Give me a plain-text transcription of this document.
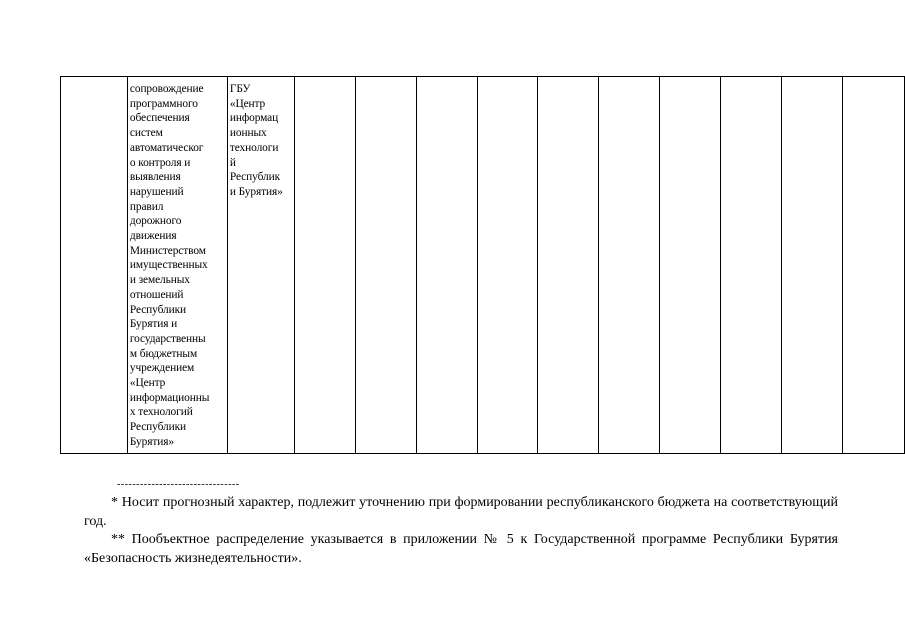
	сопровождение
программного
обеспечения
систем
автоматическог
о контроля и
выявления
нарушений
правил
дорожного
движения
Министерством
имущественных
и земельных
отношений
Республики
Бурятия и
государственны
м бюджетным
учреждением
«Центр
информационны
х технологий
Республики
Бурятия»	ГБУ
«Центр
информац
ионных
технологи
й
Республик
и Бурятия»										
--------------------------------

* Носит прогнозный характер, подлежит уточнению при формировании республиканского бюджета на соответствующий год.

** Пообъектное распределение указывается в приложении № 5 к Государственной программе Республики Бурятия «Безопасность жизнедеятельности».
